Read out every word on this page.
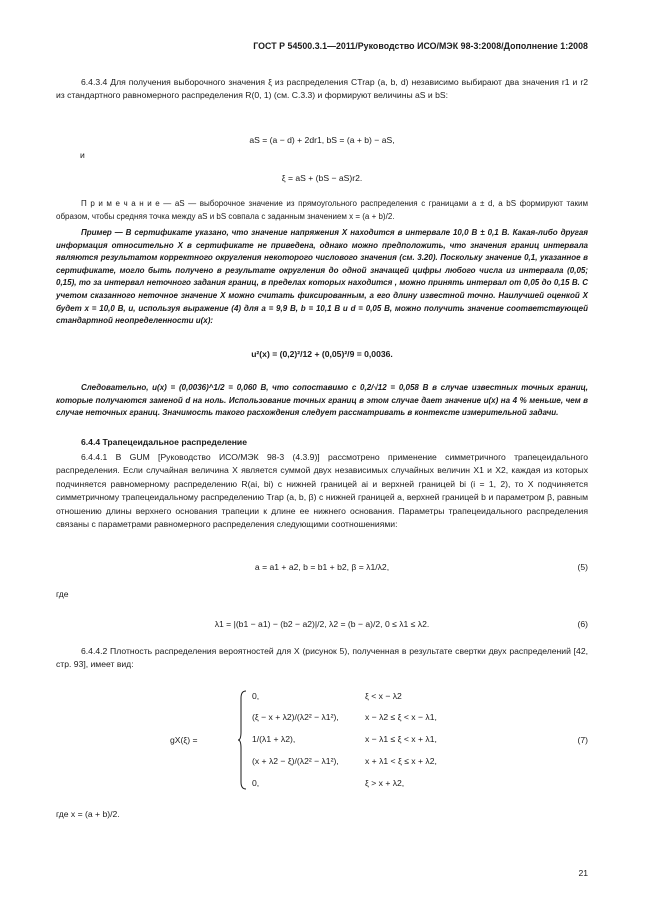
ГОСТ Р 54500.3.1—2011/Руководство ИСО/МЭК 98-3:2008/Дополнение 1:2008
6.4.3.4 Для получения выборочного значения ξ из распределения CTrap (a, b, d) независимо выбирают два значения r1 и r2 из стандартного равномерного распределения R(0, 1) (см. С.3.3) и формируют величины aS и bS:
aS = (a − d) + 2dr1, bS = (a + b) − aS,
и
ξ = aS + (bS − aS)r2.
П р и м е ч а н и е — aS — выборочное значение из прямоугольного распределения с границами a ± d, а bS формируют таким образом, чтобы средняя точка между aS и bS совпала с заданным значением x = (a + b)/2.
Пример — В сертификате указано, что значение напряжения X находится в интервале 10,0 В ± 0,1 В. Какая-либо другая информация относительно X в сертификате не приведена, однако можно предположить, что значения границ интервала являются результатом корректного округления некоторого числового значения (см. 3.20). Поскольку значение 0,1, указанное в сертификате, могло быть получено в результате округления до одной значащей цифры любого числа из интервала (0,05; 0,15), то за интервал неточного задания границ, в пределах которых находится , можно принять интервал от 0,05 до 0,15 В. С учетом сказанного неточное значение X можно считать фиксированным, а его длину известной точно. Наилучшей оценкой X будет x = 10,0 В, и, используя выражение (4) для a = 9,9 В, b = 10,1 В и d = 0,05 В, можно получить значение соответствующей стандартной неопределенности u(x):
u²(x) = (0,2)²/12 + (0,05)²/9 = 0,0036.
Следовательно, u(x) = (0,0036)^1/2 = 0,060 В, что сопоставимо с 0,2/√12 = 0,058 В в случае известных точных границ, которые получаются заменой d на ноль. Использование точных границ в этом случае дает значение u(x) на 4 % меньше, чем в случае неточных границ. Значимость такого расхождения следует рассматривать в контексте измерительной задачи.
6.4.4 Трапецеидальное распределение
6.4.4.1 В GUM [Руководство ИСО/МЭК 98-3 (4.3.9)] рассмотрено применение симметричного трапецеидального распределения. Если случайная величина X является суммой двух независимых случайных величин X1 и X2, каждая из которых подчиняется равномерному распределению R(ai, bi) с нижней границей ai и верхней границей bi (i = 1, 2), то X подчиняется симметричному трапецеидальному распределению Trap (a, b, β) с нижней границей a, верхней границей b и параметром β, равным отношению длины верхнего основания трапеции к длине ее нижнего основания. Параметры трапецеидального распределения связаны с параметрами равномерного распределения следующими соотношениями:
a = a1 + a2, b = b1 + b2, β = λ1/λ2,	(5)
где
λ1 = |(b1 − a1) − (b2 − a2)|/2, λ2 = (b − a)/2, 0 ≤ λ1 ≤ λ2.	(6)
6.4.4.2 Плотность распределения вероятностей для X (рисунок 5), полученная в результате свертки двух распределений [42, стр. 93], имеет вид:
gX(ξ) =
0,	ξ < x − λ2
(ξ − x + λ2)/(λ2² − λ1²),	x − λ2 ≤ ξ < x − λ1,
1/(λ1 + λ2),	x − λ1 ≤ ξ < x + λ1,
(x + λ2 − ξ)/(λ2² − λ1²),	x + λ1 < ξ ≤ x + λ2,
0,	ξ > x + λ2,
(7)
где x = (a + b)/2.
21
